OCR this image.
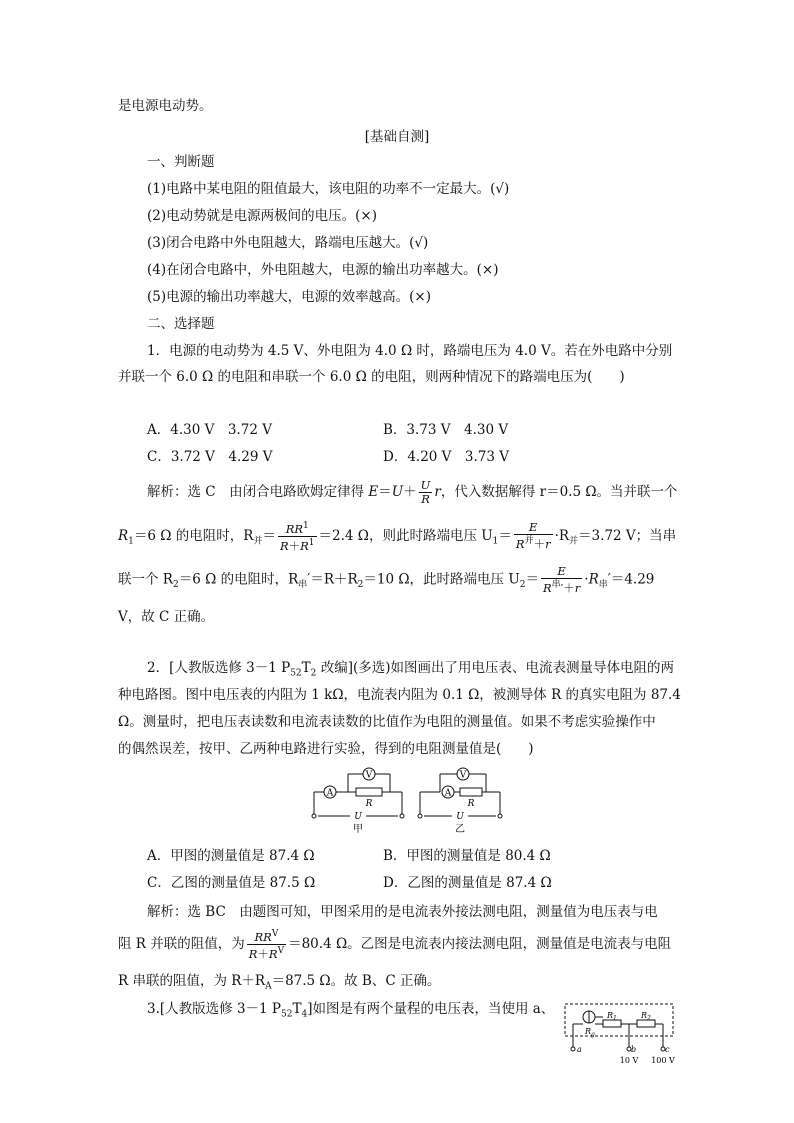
是电源电动势。
[基础自测]
一、判断题
(1)电路中某电阻的阻值最大，该电阻的功率不一定最大。(√)
(2)电动势就是电源两极间的电压。(×)
(3)闭合电路中外电阻越大，路端电压越大。(√)
(4)在闭合电路中，外电阻越大，电源的输出功率越大。(×)
(5)电源的输出功率越大，电源的效率越高。(×)
二、选择题
1．电源的电动势为 4.5 V、外电阻为 4.0 Ω 时，路端电压为 4.0 V。若在外电路中分别
并联一个 6.0 Ω 的电阻和串联一个 6.0 Ω 的电阻，则两种情况下的路端电压为(　　)
A．4.30 V　3.72 V	B．3.73 V　4.30 V
C．3.72 V　4.29 V	D．4.20 V　3.73 V
解析：选 C　由闭合电路欧姆定律得 $E=U+ \frac{U}{R}$ r，代入数据解得 r＝0.5 Ω。当并联一个
$R_1=6$ Ω 的电阻时，$R_并= \frac{RR^1}{R+R^1} =2.4$ Ω，则此时路端电压 $U_1= \frac{E}{R^并+r} \cdot R_并=3.72$ V；当串
联一个 $R_2=6$ Ω 的电阻时，$R_串'=R+R_2=10$ Ω，此时路端电压 $U_2= \frac{E}{R^串'+r} \cdot R_串'=4.29$
V，故 C 正确。
2．[人教版选修 3－1 $P_{52}T_2$ 改编](多选)如图画出了用电压表、电流表测量导体电阻的两
种电路图。图中电压表的内阻为 1 kΩ，电流表内阻为 0.1 Ω，被测导体 R 的真实电阻为 87.4
Ω。测量时，把电压表读数和电流表读数的比值作为电阻的测量值。如果不考虑实验操作中
的偶然误差，按甲、乙两种电路进行实验，得到的电阻测量值是(　　)
V
A
R
U
甲
V
A
R
U
乙
A．甲图的测量值是 87.4 Ω	B．甲图的测量值是 80.4 Ω
C．乙图的测量值是 87.5 Ω	D．乙图的测量值是 87.4 Ω
解析：选 BC　由题图可知，甲图采用的是电流表外接法测电阻，测量值为电压表与电
阻 R 并联的阻值，为 $\frac{RR^V}{R+R^V} =80.4$ Ω。乙图是电流表内接法测电阻，测量值是电流表与电阻
R 串联的阻值，为 $R+R_A=87.5$ Ω。故 B、C 正确。
3.[人教版选修 3－1 $P_{52}T_4$]如图是有两个量程的电压表，当使用 a、
$R_g$
$R_1$	$R_2$
a	b	c
10 V 100 V
